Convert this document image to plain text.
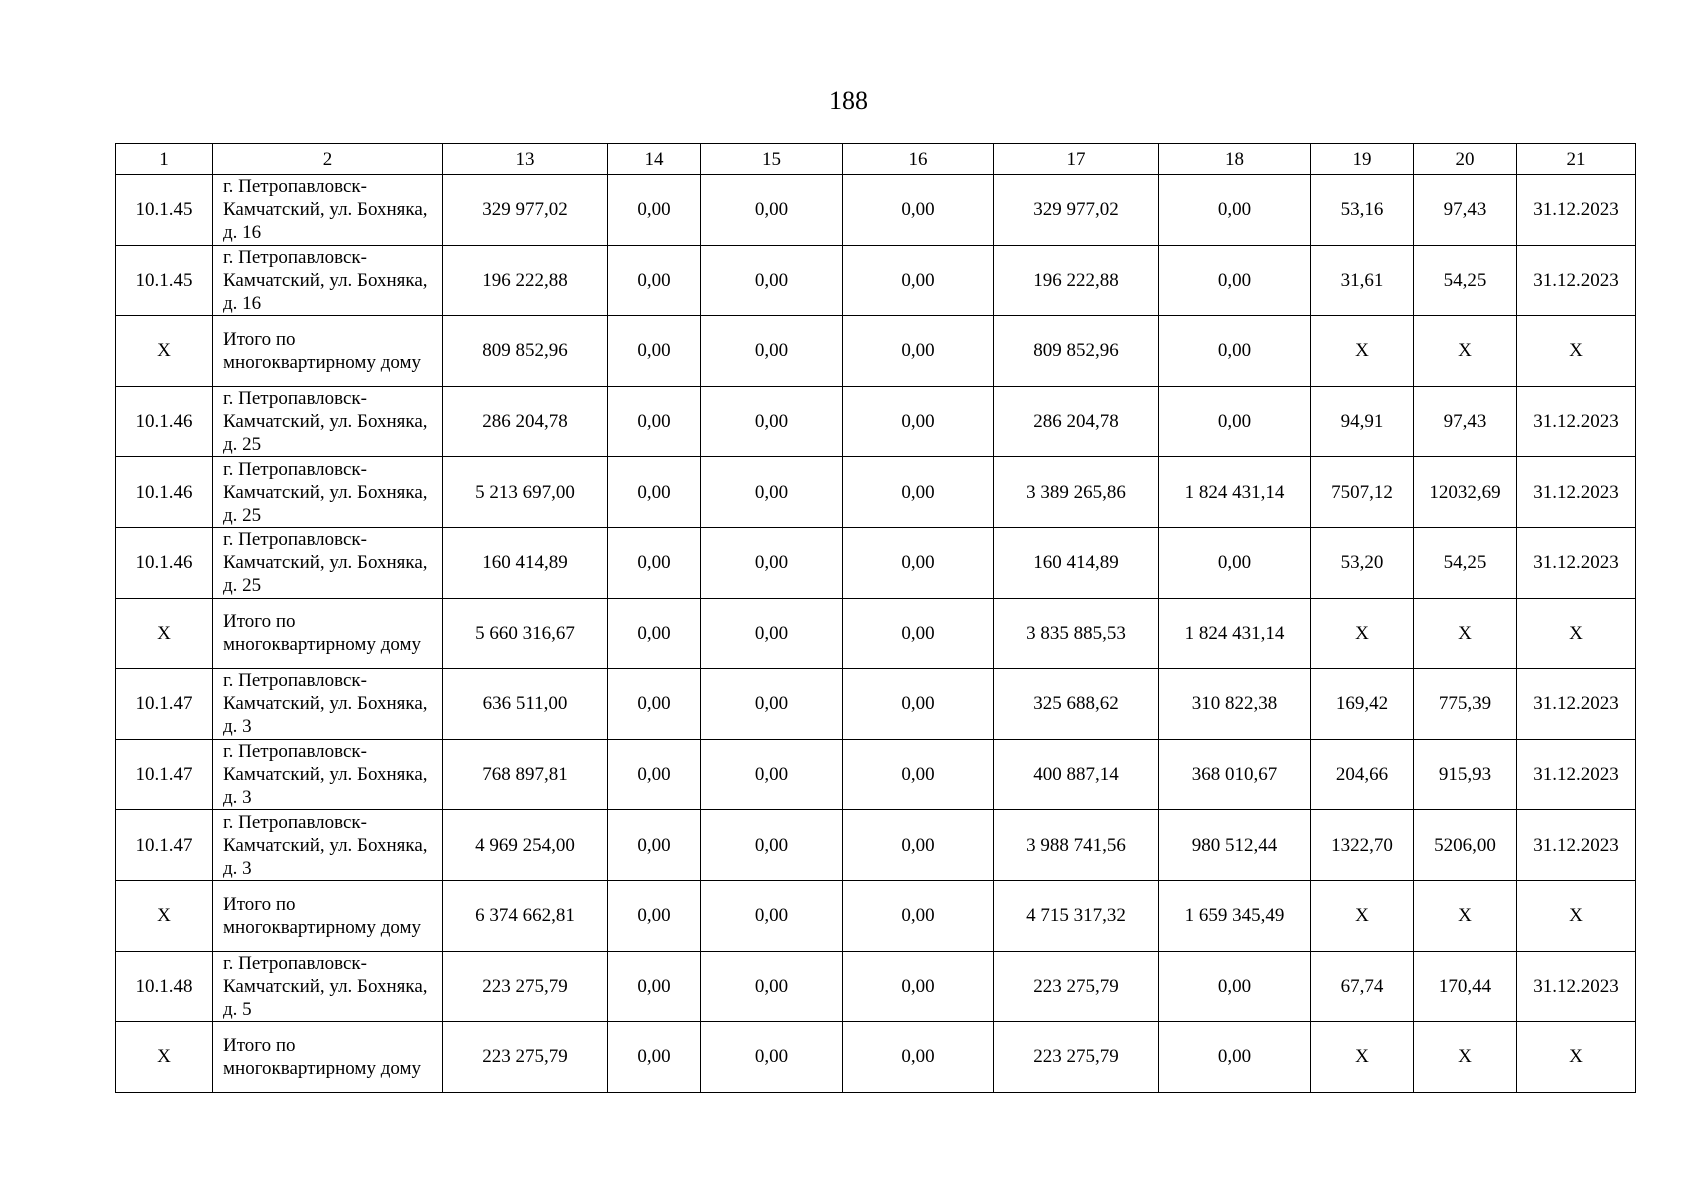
188
1	2	13	14	15	16	17	18	19	20	21
10.1.45	г. Петропавловск-Камчатский, ул. Бохняка, д. 16	329 977,02	0,00	0,00	0,00	329 977,02	0,00	53,16	97,43	31.12.2023
10.1.45	г. Петропавловск-Камчатский, ул. Бохняка, д. 16	196 222,88	0,00	0,00	0,00	196 222,88	0,00	31,61	54,25	31.12.2023
X	Итого по многоквартирному дому	809 852,96	0,00	0,00	0,00	809 852,96	0,00	X	X	X
10.1.46	г. Петропавловск-Камчатский, ул. Бохняка, д. 25	286 204,78	0,00	0,00	0,00	286 204,78	0,00	94,91	97,43	31.12.2023
10.1.46	г. Петропавловск-Камчатский, ул. Бохняка, д. 25	5 213 697,00	0,00	0,00	0,00	3 389 265,86	1 824 431,14	7507,12	12032,69	31.12.2023
10.1.46	г. Петропавловск-Камчатский, ул. Бохняка, д. 25	160 414,89	0,00	0,00	0,00	160 414,89	0,00	53,20	54,25	31.12.2023
X	Итого по многоквартирному дому	5 660 316,67	0,00	0,00	0,00	3 835 885,53	1 824 431,14	X	X	X
10.1.47	г. Петропавловск-Камчатский, ул. Бохняка, д. 3	636 511,00	0,00	0,00	0,00	325 688,62	310 822,38	169,42	775,39	31.12.2023
10.1.47	г. Петропавловск-Камчатский, ул. Бохняка, д. 3	768 897,81	0,00	0,00	0,00	400 887,14	368 010,67	204,66	915,93	31.12.2023
10.1.47	г. Петропавловск-Камчатский, ул. Бохняка, д. 3	4 969 254,00	0,00	0,00	0,00	3 988 741,56	980 512,44	1322,70	5206,00	31.12.2023
X	Итого по многоквартирному дому	6 374 662,81	0,00	0,00	0,00	4 715 317,32	1 659 345,49	X	X	X
10.1.48	г. Петропавловск-Камчатский, ул. Бохняка, д. 5	223 275,79	0,00	0,00	0,00	223 275,79	0,00	67,74	170,44	31.12.2023
X	Итого по многоквартирному дому	223 275,79	0,00	0,00	0,00	223 275,79	0,00	X	X	X
